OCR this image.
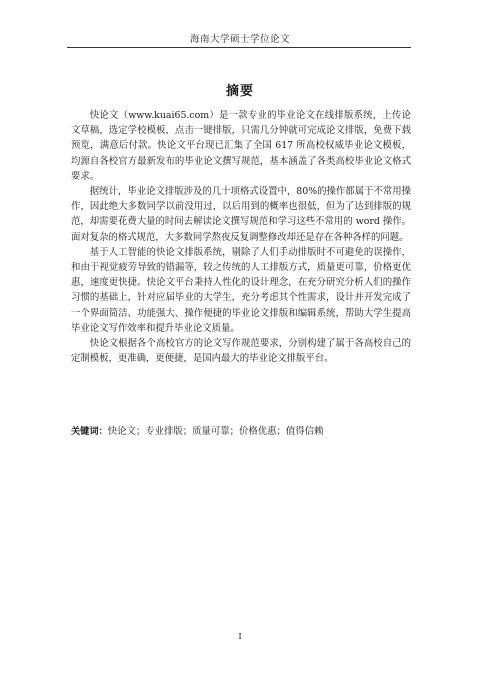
海南大学硕士学位论文
摘要

快论文（www.kuai65.com）是一款专业的毕业论文在线排版系统，上传论文草稿，选定学校模板，点击一键排版，只需几分钟就可完成论文排版，免费下载预览，满意后付款。快论文平台现已汇集了全国 617 所高校权威毕业论文模板，均源自各校官方最新发布的毕业论文撰写规范，基本涵盖了各类高校毕业论文格式要求。

据统计，毕业论文排版涉及的几十项格式设置中，80%的操作都属于不常用操作，因此绝大多数同学以前没用过，以后用到的概率也很低，但为了达到排版的规范，却需要花费大量的时间去解读论文撰写规范和学习这些不常用的 word 操作。面对复杂的格式规范，大多数同学熬夜反复调整修改却还是存在各种各样的问题。

基于人工智能的快论文排版系统，剔除了人们手动排版时不可避免的误操作，和由于视觉疲劳导致的错漏等，较之传统的人工排版方式，质量更可靠，价格更优惠，速度更快捷。快论文平台秉持人性化的设计理念，在充分研究分析人们的操作习惯的基础上，针对应届毕业的大学生，充分考虑其个性需求，设计并开发完成了一个界面简洁、功能强大、操作便捷的毕业论文排版和编辑系统，帮助大学生提高毕业论文写作效率和提升毕业论文质量。

快论文根据各个高校官方的论文写作规范要求，分别构建了属于各高校自己的定制模板，更准确，更便捷，是国内最大的毕业论文排版平台。

关键词：快论文；专业排版；质量可靠；价格优惠；值得信赖
I
